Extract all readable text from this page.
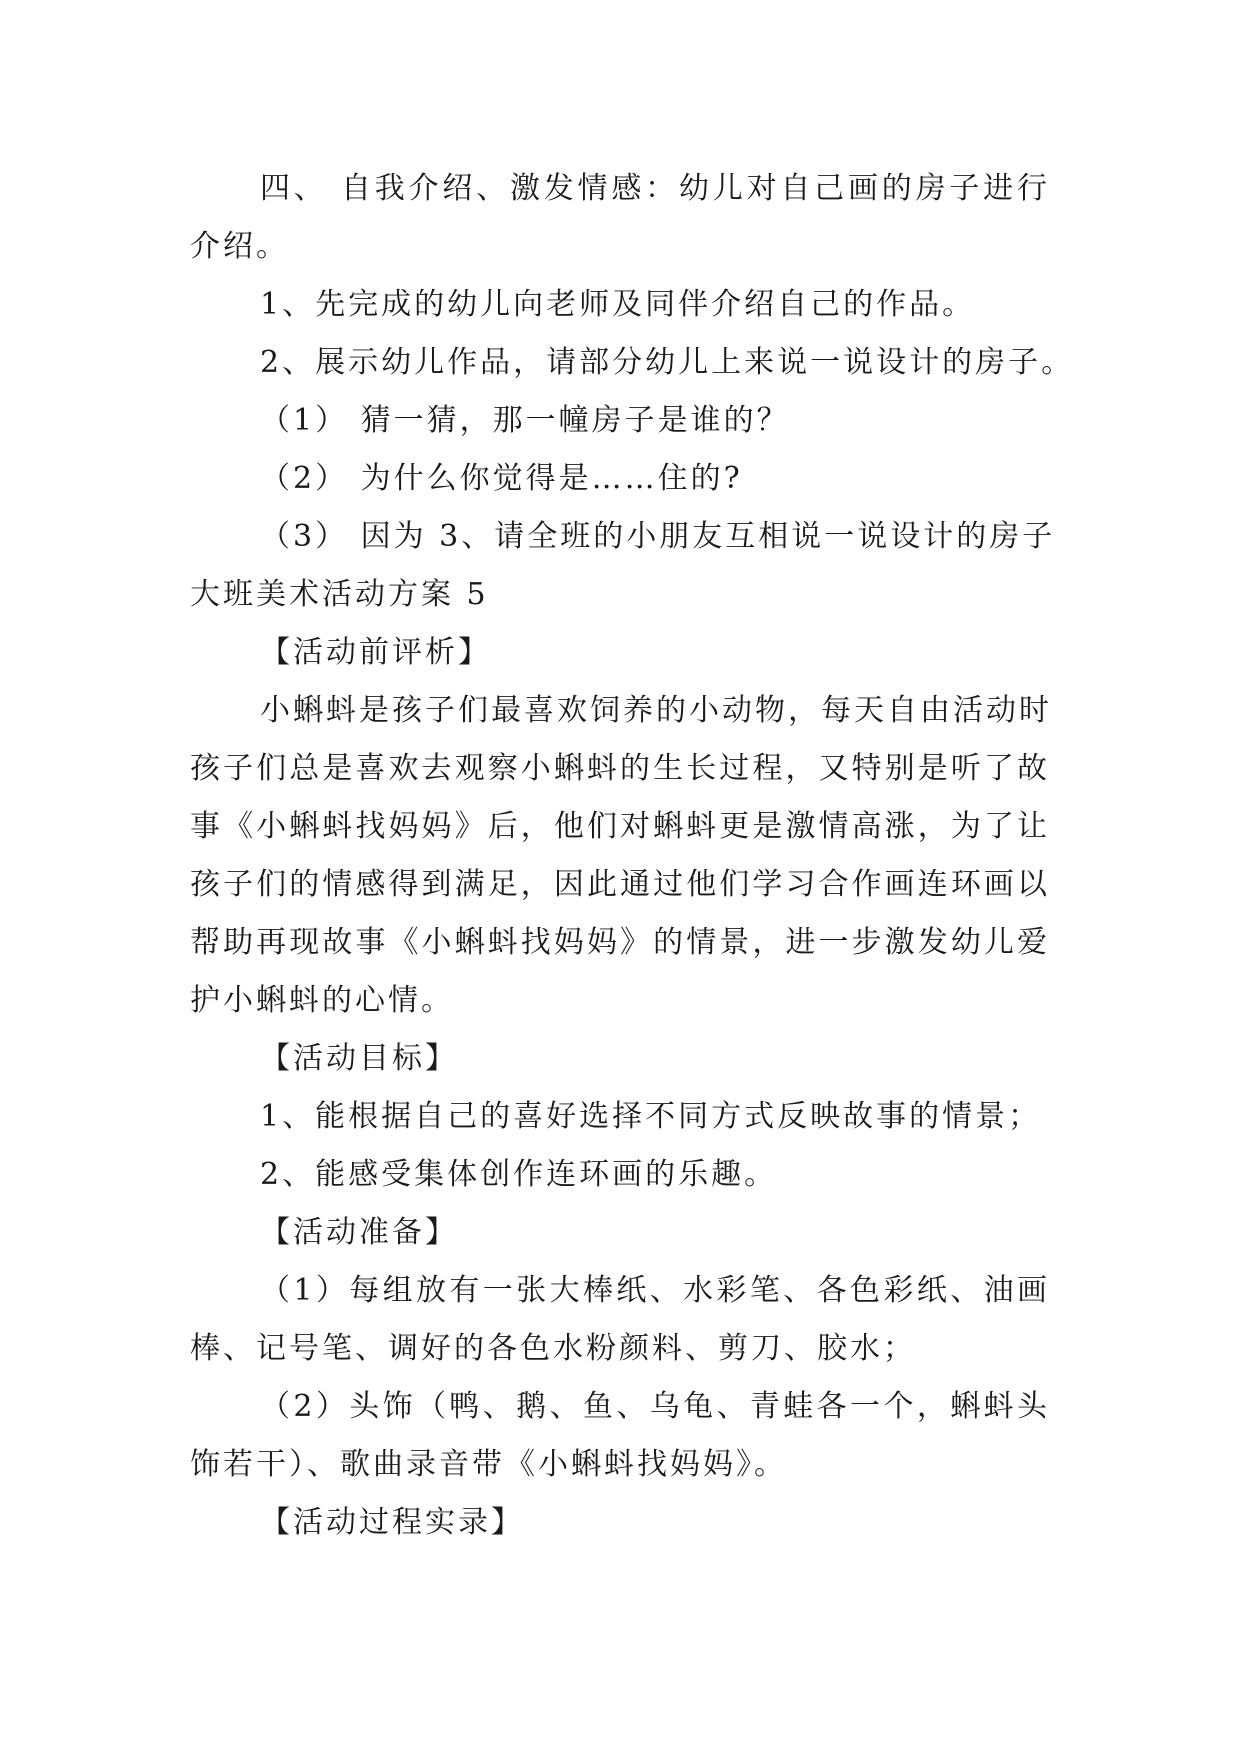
四、 自我介绍、激发情感：幼儿对自己画的房子进行
介绍。
1、先完成的幼儿向老师及同伴介绍自己的作品。
2、展示幼儿作品，请部分幼儿上来说一说设计的房子。
（1） 猜一猜，那一幢房子是谁的？
（2） 为什么你觉得是……住的?
（3） 因为 3、请全班的小朋友互相说一说设计的房子
大班美术活动方案 5
【活动前评析】
小蝌蚪是孩子们最喜欢饲养的小动物，每天自由活动时
孩子们总是喜欢去观察小蝌蚪的生长过程，又特别是听了故
事《小蝌蚪找妈妈》后，他们对蝌蚪更是激情高涨，为了让
孩子们的情感得到满足，因此通过他们学习合作画连环画以
帮助再现故事《小蝌蚪找妈妈》的情景，进一步激发幼儿爱
护小蝌蚪的心情。
【活动目标】
1、能根据自己的喜好选择不同方式反映故事的情景；
2、能感受集体创作连环画的乐趣。
【活动准备】
（1）每组放有一张大棒纸、水彩笔、各色彩纸、油画
棒、记号笔、调好的各色水粉颜料、剪刀、胶水；
（2）头饰（鸭、鹅、鱼、乌龟、青蛙各一个，蝌蚪头
饰若干）、歌曲录音带《小蝌蚪找妈妈》。
【活动过程实录】
